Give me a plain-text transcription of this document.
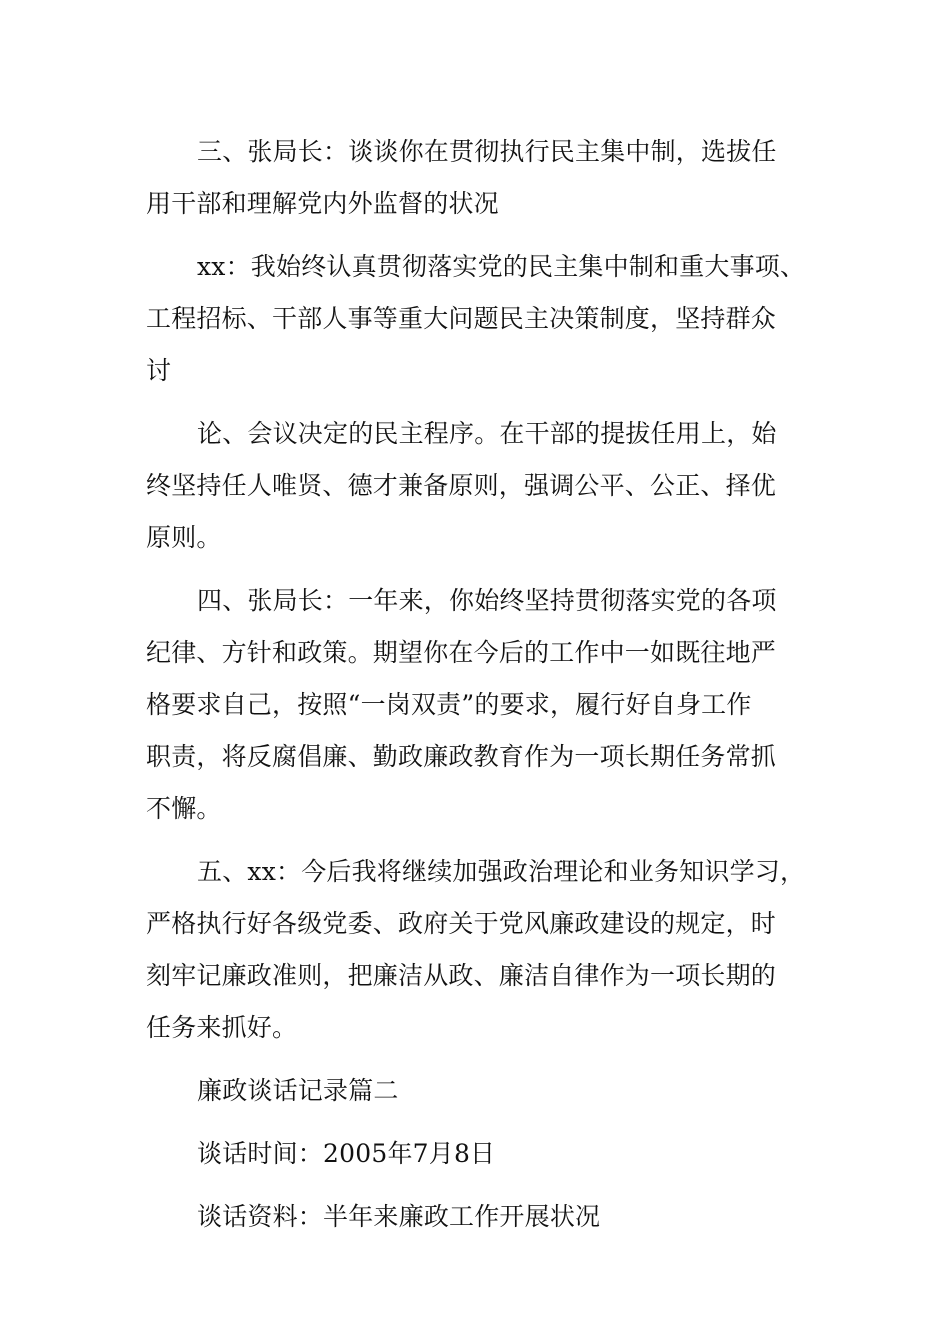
三、张局长：谈谈你在贯彻执行民主集中制，选拔任
用干部和理解党内外监督的状况
xx：我始终认真贯彻落实党的民主集中制和重大事项、
工程招标、干部人事等重大问题民主决策制度，坚持群众
讨
论、会议决定的民主程序。在干部的提拔任用上，始
终坚持任人唯贤、德才兼备原则，强调公平、公正、择优
原则。
四、张局长：一年来，你始终坚持贯彻落实党的各项
纪律、方针和政策。期望你在今后的工作中一如既往地严
格要求自己，按照“一岗双责”的要求，履行好自身工作
职责，将反腐倡廉、勤政廉政教育作为一项长期任务常抓
不懈。
五、xx：今后我将继续加强政治理论和业务知识学习，
严格执行好各级党委、政府关于党风廉政建设的规定，时
刻牢记廉政准则，把廉洁从政、廉洁自律作为一项长期的
任务来抓好。
廉政谈话记录篇二
谈话时间：2005年7月8日
谈话资料：半年来廉政工作开展状况
